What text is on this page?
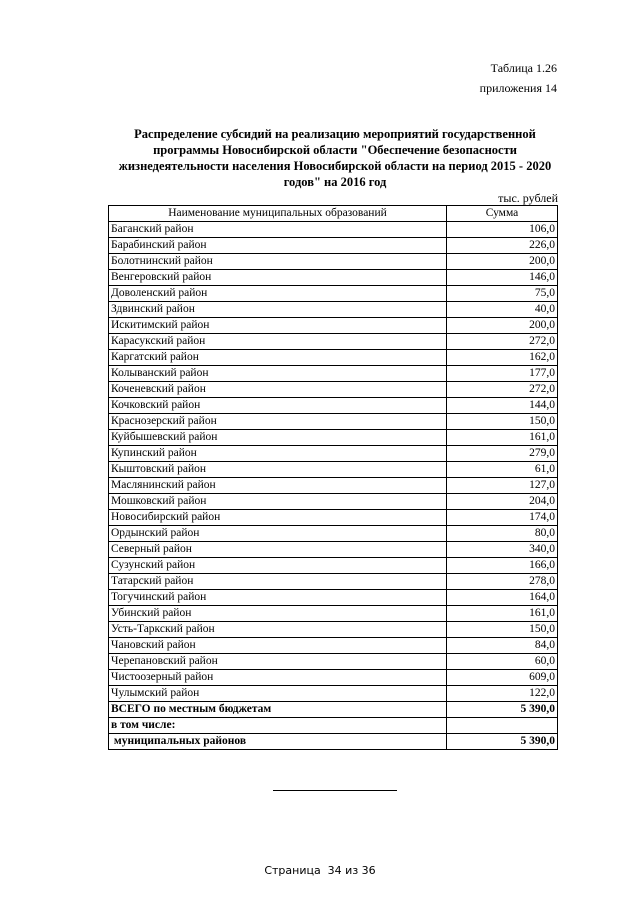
Таблица 1.26
приложения 14
Распределение субсидий на реализацию мероприятий государственной
программы Новосибирской области "Обеспечение безопасности
жизнедеятельности населения Новосибирской области на период 2015 - 2020
годов" на 2016 год
тыс. рублей
Наименование муниципальных образований	Сумма
Баганский район	106,0
Барабинский район	226,0
Болотнинский район	200,0
Венгеровский район	146,0
Доволенский район	75,0
Здвинский район	40,0
Искитимский район	200,0
Карасукский район	272,0
Каргатский район	162,0
Колыванский район	177,0
Коченевский район	272,0
Кочковский район	144,0
Краснозерский район	150,0
Куйбышевский район	161,0
Купинский район	279,0
Кыштовский район	61,0
Маслянинский район	127,0
Мошковский район	204,0
Новосибирский район	174,0
Ордынский район	80,0
Северный район	340,0
Сузунский район	166,0
Татарский район	278,0
Тогучинский район	164,0
Убинский район	161,0
Усть-Таркский район	150,0
Чановский район	84,0
Черепановский район	60,0
Чистоозерный район	609,0
Чулымский район	122,0
ВСЕГО по местным бюджетам	5 390,0
в том числе:	
муниципальных районов	5 390,0
Страница  34 из 36
